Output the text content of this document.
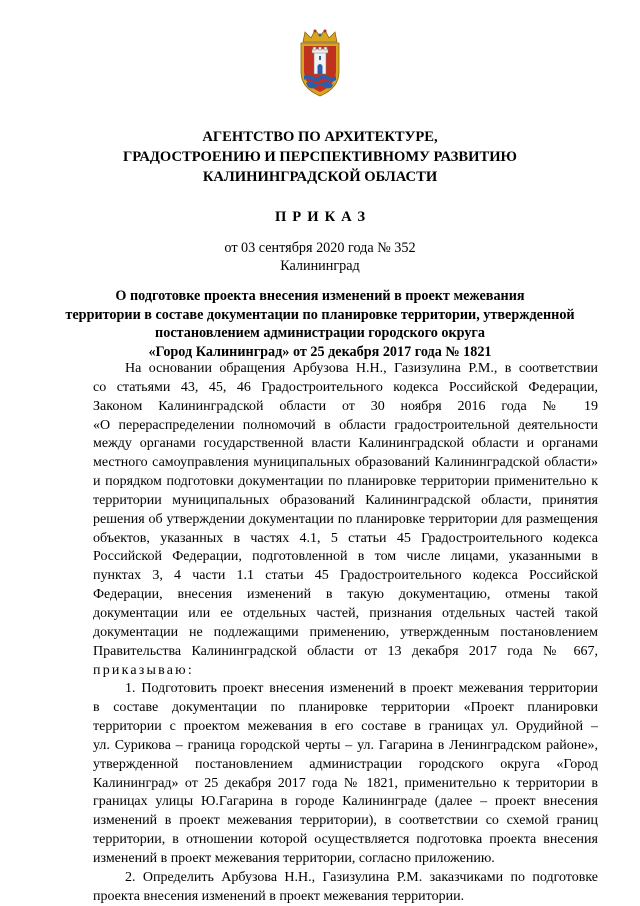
АГЕНТСТВО ПО АРХИТЕКТУРЕ,
ГРАДОСТРОЕНИЮ И ПЕРСПЕКТИВНОМУ РАЗВИТИЮ
КАЛИНИНГРАДСКОЙ ОБЛАСТИ
ПРИКАЗ
от 03 сентября 2020 года № 352
Калининград
О подготовке проекта внесения изменений в проект межевания
территории в составе документации по планировке территории, утвержденной
постановлением администрации городского округа
«Город Калининград» от 25 декабря 2017 года № 1821
На основании обращения Арбузова Н.Н., Газизулина Р.М., в соответствии
со статьями 43, 45, 46 Градостроительного кодекса Российской Федерации,
Законом Калининградской области от 30 ноября 2016 года № 19
«О перераспределении полномочий в области градостроительной деятельности
между органами государственной власти Калининградской области и органами
местного самоуправления муниципальных образований Калининградской области»
и порядком подготовки документации по планировке территории применительно к
территории муниципальных образований Калининградской области, принятия
решения об утверждении документации по планировке территории для размещения
объектов, указанных в частях 4.1, 5 статьи 45 Градостроительного кодекса
Российской Федерации, подготовленной в том числе лицами, указанными в
пунктах 3, 4 части 1.1 статьи 45 Градостроительного кодекса Российской
Федерации, внесения изменений в такую документацию, отмены такой
документации или ее отдельных частей, признания отдельных частей такой
документации не подлежащими применению, утвержденным постановлением
Правительства Калининградской области от 13 декабря 2017 года № 667,
приказываю:
1. Подготовить проект внесения изменений в проект межевания территории
в составе документации по планировке территории «Проект планировки
территории с проектом межевания в его составе в границах ул. Орудийной –
ул. Сурикова – граница городской черты – ул. Гагарина в Ленинградском районе»,
утвержденной постановлением администрации городского округа «Город
Калининград» от 25 декабря 2017 года № 1821, применительно к территории в
границах улицы Ю.Гагарина в городе Калининграде (далее – проект внесения
изменений в проект межевания территории), в соответствии со схемой границ
территории, в отношении которой осуществляется подготовка проекта внесения
изменений в проект межевания территории, согласно приложению.
2. Определить Арбузова Н.Н., Газизулина Р.М. заказчиками по подготовке
проекта внесения изменений в проект межевания территории.
